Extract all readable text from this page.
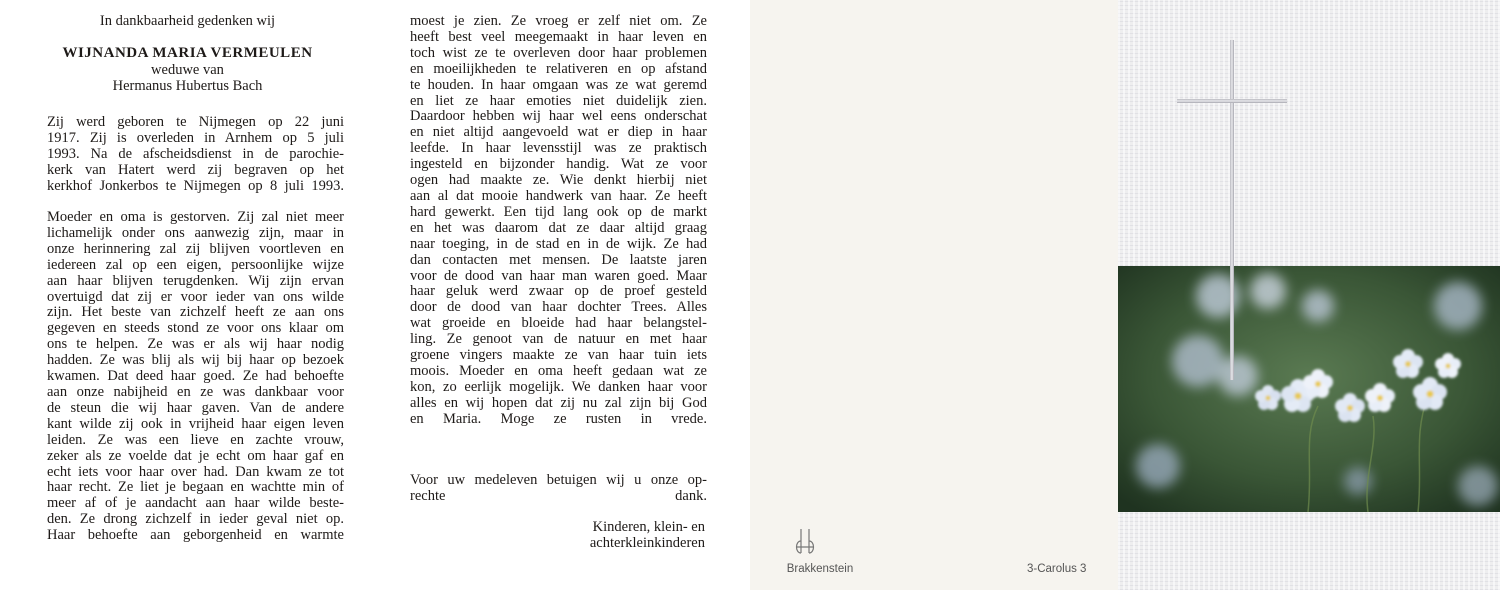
In dankbaarheid gedenken wij
WIJNANDA MARIA VERMEULEN
weduwe van
Hermanus Hubertus Bach
Zij werd geboren te Nijmegen op 22 juni
1917. Zij is overleden in Arnhem op 5 juli
1993. Na de afscheidsdienst in de parochie-
kerk van Hatert werd zij begraven op het
kerkhof Jonkerbos te Nijmegen op 8 juli 1993.
Moeder en oma is gestorven. Zij zal niet meer
lichamelijk onder ons aanwezig zijn, maar in
onze herinnering zal zij blijven voortleven en
iedereen zal op een eigen, persoonlijke wijze
aan haar blijven terugdenken. Wij zijn ervan
overtuigd dat zij er voor ieder van ons wilde
zijn. Het beste van zichzelf heeft ze aan ons
gegeven en steeds stond ze voor ons klaar om
ons te helpen. Ze was er als wij haar nodig
hadden. Ze was blij als wij bij haar op bezoek
kwamen. Dat deed haar goed. Ze had behoefte
aan onze nabijheid en ze was dankbaar voor
de steun die wij haar gaven. Van de andere
kant wilde zij ook in vrijheid haar eigen leven
leiden. Ze was een lieve en zachte vrouw,
zeker als ze voelde dat je echt om haar gaf en
echt iets voor haar over had. Dan kwam ze tot
haar recht. Ze liet je begaan en wachtte min of
meer af of je aandacht aan haar wilde beste-
den. Ze drong zichzelf in ieder geval niet op.
Haar behoefte aan geborgenheid en warmte
moest je zien. Ze vroeg er zelf niet om. Ze
heeft best veel meegemaakt in haar leven en
toch wist ze te overleven door haar problemen
en moeilijkheden te relativeren en op afstand
te houden. In haar omgaan was ze wat geremd
en liet ze haar emoties niet duidelijk zien.
Daardoor hebben wij haar wel eens onderschat
en niet altijd aangevoeld wat er diep in haar
leefde. In haar levensstijl was ze praktisch
ingesteld en bijzonder handig. Wat ze voor
ogen had maakte ze. Wie denkt hierbij niet
aan al dat mooie handwerk van haar. Ze heeft
hard gewerkt. Een tijd lang ook op de markt
en het was daarom dat ze daar altijd graag
naar toeging, in de stad en in de wijk. Ze had
dan contacten met mensen. De laatste jaren
voor de dood van haar man waren goed. Maar
haar geluk werd zwaar op de proef gesteld
door de dood van haar dochter Trees. Alles
wat groeide en bloeide had haar belangstel-
ling. Ze genoot van de natuur en met haar
groene vingers maakte ze van haar tuin iets
moois. Moeder en oma heeft gedaan wat ze
kon, zo eerlijk mogelijk. We danken haar voor
alles en wij hopen dat zij nu zal zijn bij God
en Maria. Moge ze rusten in vrede.
Voor uw medeleven betuigen wij u onze op-
rechte dank.
Kinderen, klein- en
achterkleinkinderen
Brakkenstein	3-Carolus 3
